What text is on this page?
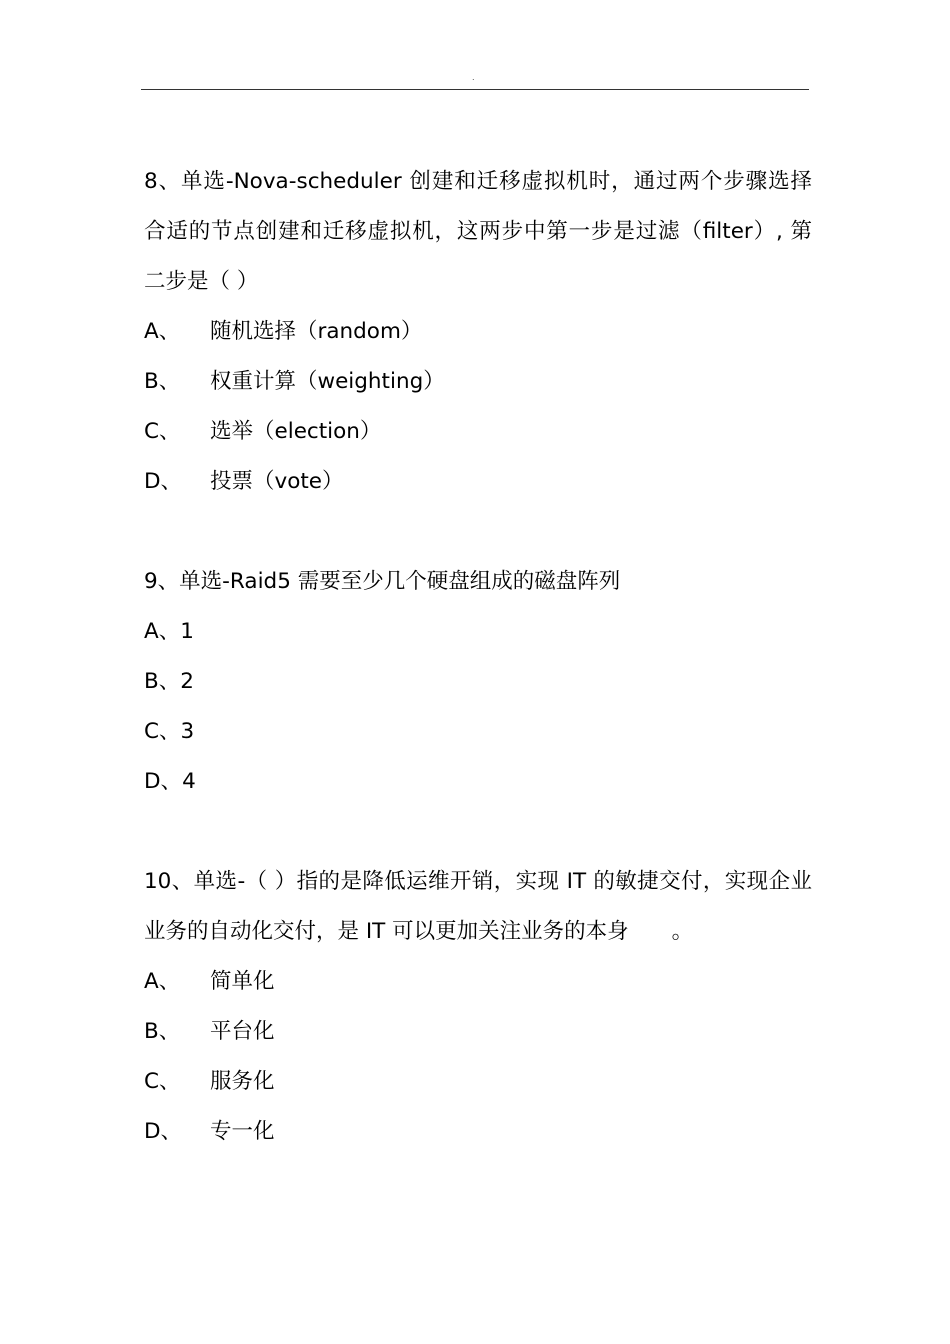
.
8、单选-Nova-scheduler 创建和迁移虚拟机时，通过两个步骤选择
合适的节点创建和迁移虚拟机，这两步中第一步是过滤（filter）, 第
二步是（ ）
A、	随机选择（random）
B、	权重计算（weighting）
C、	选举（election）
D、	投票（vote）
9、单选-Raid5 需要至少几个硬盘组成的磁盘阵列
A、 1
B、 2
C、 3
D、 4
10、单选-（ ）指的是降低运维开销，实现 IT 的敏捷交付，实现企业
业务的自动化交付，是 IT 可以更加关注业务的本身　　。
A、	简单化
B、	平台化
C、	服务化
D、	专一化
